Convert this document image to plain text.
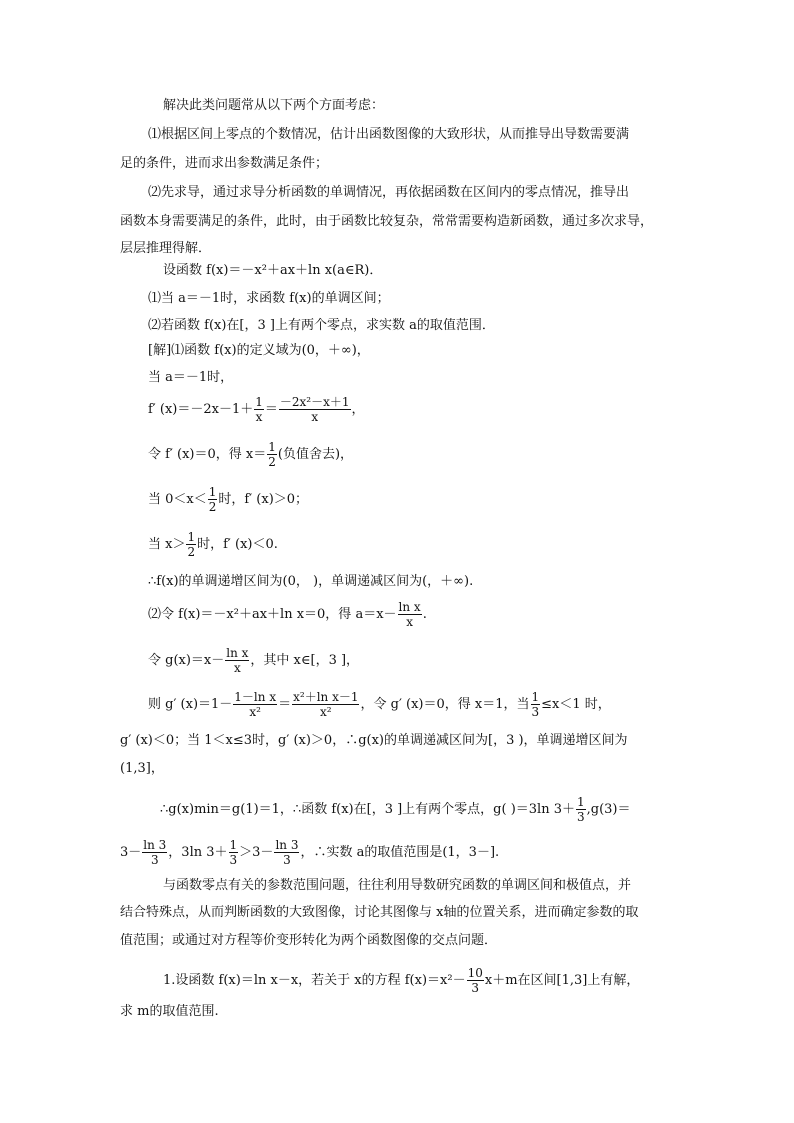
解决此类问题常从以下两个方面考虑：
⑴根据区间上零点的个数情况，估计出函数图像的大致形状，从而推导出导数需要满
足的条件，进而求出参数满足条件；
⑵先求导，通过求导分析函数的单调情况，再依据函数在区间内的零点情况，推导出
函数本身需要满足的条件，此时，由于函数比较复杂，常常需要构造新函数，通过多次求导，
层层推理得解．
设函数 f(x)＝－x²＋ax＋ln x(a∈R)．
⑴当 a＝－1时，求函数 f(x)的单调区间；
⑵若函数 f(x)在[，3 ]上有两个零点，求实数 a的取值范围．
[解]⑴函数 f(x)的定义域为(0，＋∞)，
当 a＝－1时，
f′ $(x)=-2x-1+ \frac{1}{x} = \frac{\text{－2x²－x＋1}}{x}$ ，
令 f′ (x)＝0，得 $x= \frac{1}{2}$ (负值舍去)，
当 $0<x< \frac{1}{2}$ 时，f′ (x)＞0；
当 $x> \frac{1}{2}$ 时，f′ (x)＜0.
∴f(x)的单调递增区间为(0， )，单调递减区间为(，＋∞).
⑵令 f(x)＝－x²＋ax＋ln x＝0，得 $a=x- \frac{\text{ln x}}{x}$ .
令 $g(x)=x- \frac{\text{ln x}}{x}$ ，其中 x∈[，3 ]，
则 g′ $(x)=1- \frac{\text{1－ln x}}{\text{x²}} = \frac{\text{x²＋ln x－1}}{\text{x²}}$ ，令 g′ (x)＝0，得 x＝1，当 $\frac{1}{3} \le x<1$ 时，
g′ (x)＜0；当 1＜x≤3时，g′ (x)＞0，∴g(x)的单调递减区间为[，3 )，单调递增区间为
(1,3]，
∴g(x)min＝g(1)＝1，∴函数 f(x)在[，3 ]上有两个零点，g( )＝3ln $3+ \frac{1}{3} ,g(3)=$
$3- \frac{\ln 3}{3}$ ，3ln $3+ \frac{1}{3} >3- \frac{\ln 3}{3}$ ，∴实数 a的取值范围是(1，3－].
与函数零点有关的参数范围问题，往往利用导数研究函数的单调区间和极值点，并
结合特殊点，从而判断函数的大致图像，讨论其图像与 x轴的位置关系，进而确定参数的取
值范围；或通过对方程等价变形转化为两个函数图像的交点问题．
1.设函数 f(x)＝ln x－x，若关于 x的方程 $f(x)=x^2- \frac{10}{3} x+m$在区间[1,3]上有解，
求 m的取值范围.
